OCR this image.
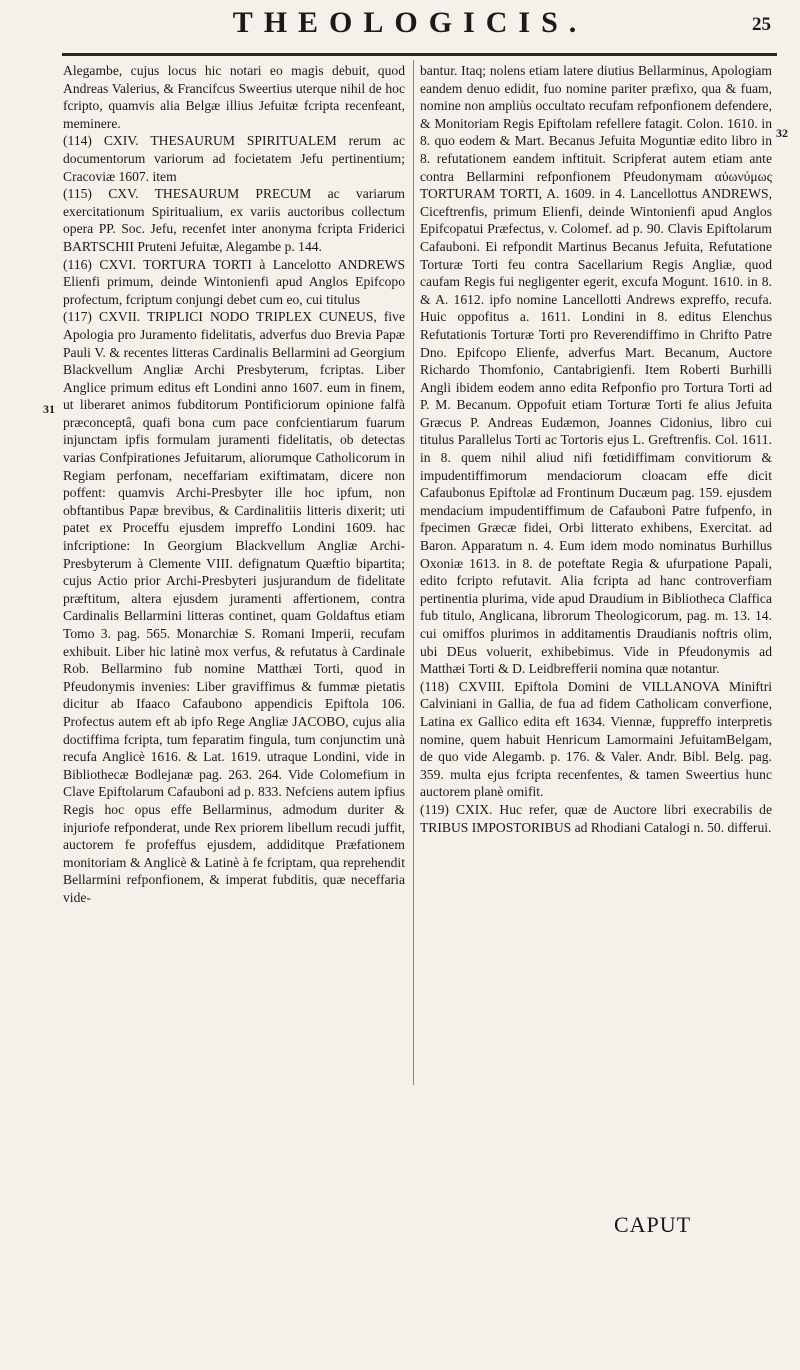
THEOLOGICIS.	25
31
32

Alegambe, cujus locus hic notari eo magis debuit, quod Andreas Valerius, & Francifcus Sweertius uterque nihil de hoc fcripto, quamvis alia Belgæ illius Jefuitæ fcripta recenfeant, meminere.

(114) CXIV. THESAURUM SPIRITUALEM rerum ac documentorum variorum ad focietatem Jefu pertinentium; Cracoviæ 1607. item

(115) CXV. THESAURUM PRECUM ac variarum exercitationum Spiritualium, ex variis auctoribus collectum opera PP. Soc. Jefu, recenfet inter anonyma fcripta Friderici BARTSCHII Pruteni Jefuitæ, Alegambe p. 144.

(116) CXVI. TORTURA TORTI à Lancelotto ANDREWS Elienfi primum, deinde Wintonienfi apud Anglos Epifcopo profectum, fcriptum conjungi debet cum eo, cui titulus

(117) CXVII. TRIPLICI NODO TRIPLEX CUNEUS, five Apologia pro Juramento fidelitatis, adverfus duo Brevia Papæ Pauli V. & recentes litteras Cardinalis Bellarmini ad Georgium Blackvellum Angliæ Archi Presbyterum, fcriptas. Liber Anglice primum editus eft Londini anno 1607. eum in finem, ut liberaret animos fubditorum Pontificiorum opinione falfà præconceptâ, quafi bona cum pace confcientiarum fuarum injunctam ipfis formulam juramenti fidelitatis, ob detectas varias Confpirationes Jefuitarum, aliorumque Catholicorum in Regiam perfonam, neceffariam exiftimatam, dicere non poffent: quamvis Archi-Presbyter ille hoc ipfum, non obftantibus Papæ brevibus, & Cardinalitiis litteris dixerit; uti patet ex Proceffu ejusdem impreffo Londini 1609. hac infcriptione: In Georgium Blackvellum Angliæ Archi-Presbyterum à Clemente VIII. defignatum Quæftio bipartita; cujus Actio prior Archi-Presbyteri jusjurandum de fidelitate præftitum, altera ejusdem juramenti affertionem, contra Cardinalis Bellarmini litteras continet, quam Goldaftus etiam Tomo 3. pag. 565. Monarchiæ S. Romani Imperii, recufam exhibuit. Liber hic latinè mox verfus, & refutatus à Cardinale Rob. Bellarmino fub nomine Matthæi Torti, quod in Pfeudonymis invenies: Liber graviffimus & fummæ pietatis dicitur ab Ifaaco Cafaubono appendicis Epiftola 106. Profectus autem eft ab ipfo Rege Angliæ JACOBO, cujus alia doctiffima fcripta, tum feparatim fingula, tum conjunctim unà recufa Anglicè 1616. & Lat. 1619. utraque Londini, vide in Bibliothecæ Bodlejanæ pag. 263. 264. Vide Colomefium in Clave Epiftolarum Cafauboni ad p. 833. Nefciens autem ipfius Regis hoc opus effe Bellarminus, admodum duriter & injuriofe refponderat, unde Rex priorem libellum recudi juffit, auctorem fe profeffus ejusdem, addiditque Præfationem monitoriam & Anglicè & Latinè à fe fcriptam, qua reprehendit Bellarmini refponfionem, & imperat fubditis, quæ neceffaria vide-

bantur. Itaq; nolens etiam latere diutius Bellarminus, Apologiam eandem denuo edidit, fuo nomine pariter præfixo, qua & fuam, nomine non ampliùs occultato recufam refponfionem defendere, & Monitoriam Regis Epiftolam refellere fatagit. Colon. 1610. in 8. quo eodem & Mart. Becanus Jefuita Moguntiæ edito libro in 8. refutationem eandem inftituit. Scripferat autem etiam ante contra Bellarmini refponfionem Pfeudonymam αὐωνύμως TORTURAM TORTI, A. 1609. in 4. Lancellottus ANDREWS, Ciceftrenfis, primum Elienfi, deinde Wintonienfi apud Anglos Epifcopatui Præfectus, v. Colomef. ad p. 90. Clavis Epiftolarum Cafauboni. Ei refpondit Martinus Becanus Jefuita, Refutatione Torturæ Torti feu contra Sacellarium Regis Angliæ, quod caufam Regis fui negligenter egerit, excufa Mogunt. 1610. in 8. & A. 1612. ipfo nomine Lancellotti Andrews expreffo, recufa. Huic oppofitus a. 1611. Londini in 8. editus Elenchus Refutationis Torturæ Torti pro Reverendiffimo in Chrifto Patre Dno. Epifcopo Elienfe, adverfus Mart. Becanum, Auctore Richardo Thomfonio, Cantabrigienfi. Item Roberti Burhilli Angli ibidem eodem anno edita Refponfio pro Tortura Torti ad P. M. Becanum. Oppofuit etiam Torturæ Torti fe alius Jefuita Græcus P. Andreas Eudæmon, Joannes Cidonius, libro cui titulus Parallelus Torti ac Tortoris ejus L. Greftrenfis. Col. 1611. in 8. quem nihil aliud nifi fœtidiffimam convitiorum & impudentiffimorum mendaciorum cloacam effe dicit Cafaubonus Epiftolæ ad Frontinum Ducæum pag. 159. ejusdem mendacium impudentiffimum de Cafaubonì Patre fufpenfo, in fpecimen Græcæ fidei, Orbi litterato exhibens, Exercitat. ad Baron. Apparatum n. 4. Eum idem modo nominatus Burhillus Oxoniæ 1613. in 8. de poteftate Regia & ufurpatione Papali, edito fcripto refutavit. Alia fcripta ad hanc controverfiam pertinentia plurima, vide apud Draudium in Bibliotheca Claffica fub titulo, Anglicana, librorum Theologicorum, pag. m. 13. 14. cui omiffos plurimos in additamentis Draudianis noftris olim, ubi DEus voluerit, exhibebimus. Vide in Pfeudonymis ad Matthæi Torti & D. Leidbrefferii nomina quæ notantur.

(118) CXVIII. Epiftola Domini de VILLANOVA Miniftri Calviniani in Gallia, de fua ad fidem Catholicam converfione, Latina ex Gallico edita eft 1634. Viennæ, fuppreffo interpretis nomine, quem habuit Henricum Lamormaini JefuitamBelgam, de quo vide Alegamb. p. 176. & Valer. Andr. Bibl. Belg. pag. 359. multa ejus fcripta recenfentes, & tamen Sweertius hunc auctorem planè omifit.

(119) CXIX. Huc refer, quæ de Auctore libri execrabilis de TRIBUS IMPOSTORIBUS ad Rhodiani Catalogi n. 50. differui.

CAPUT
